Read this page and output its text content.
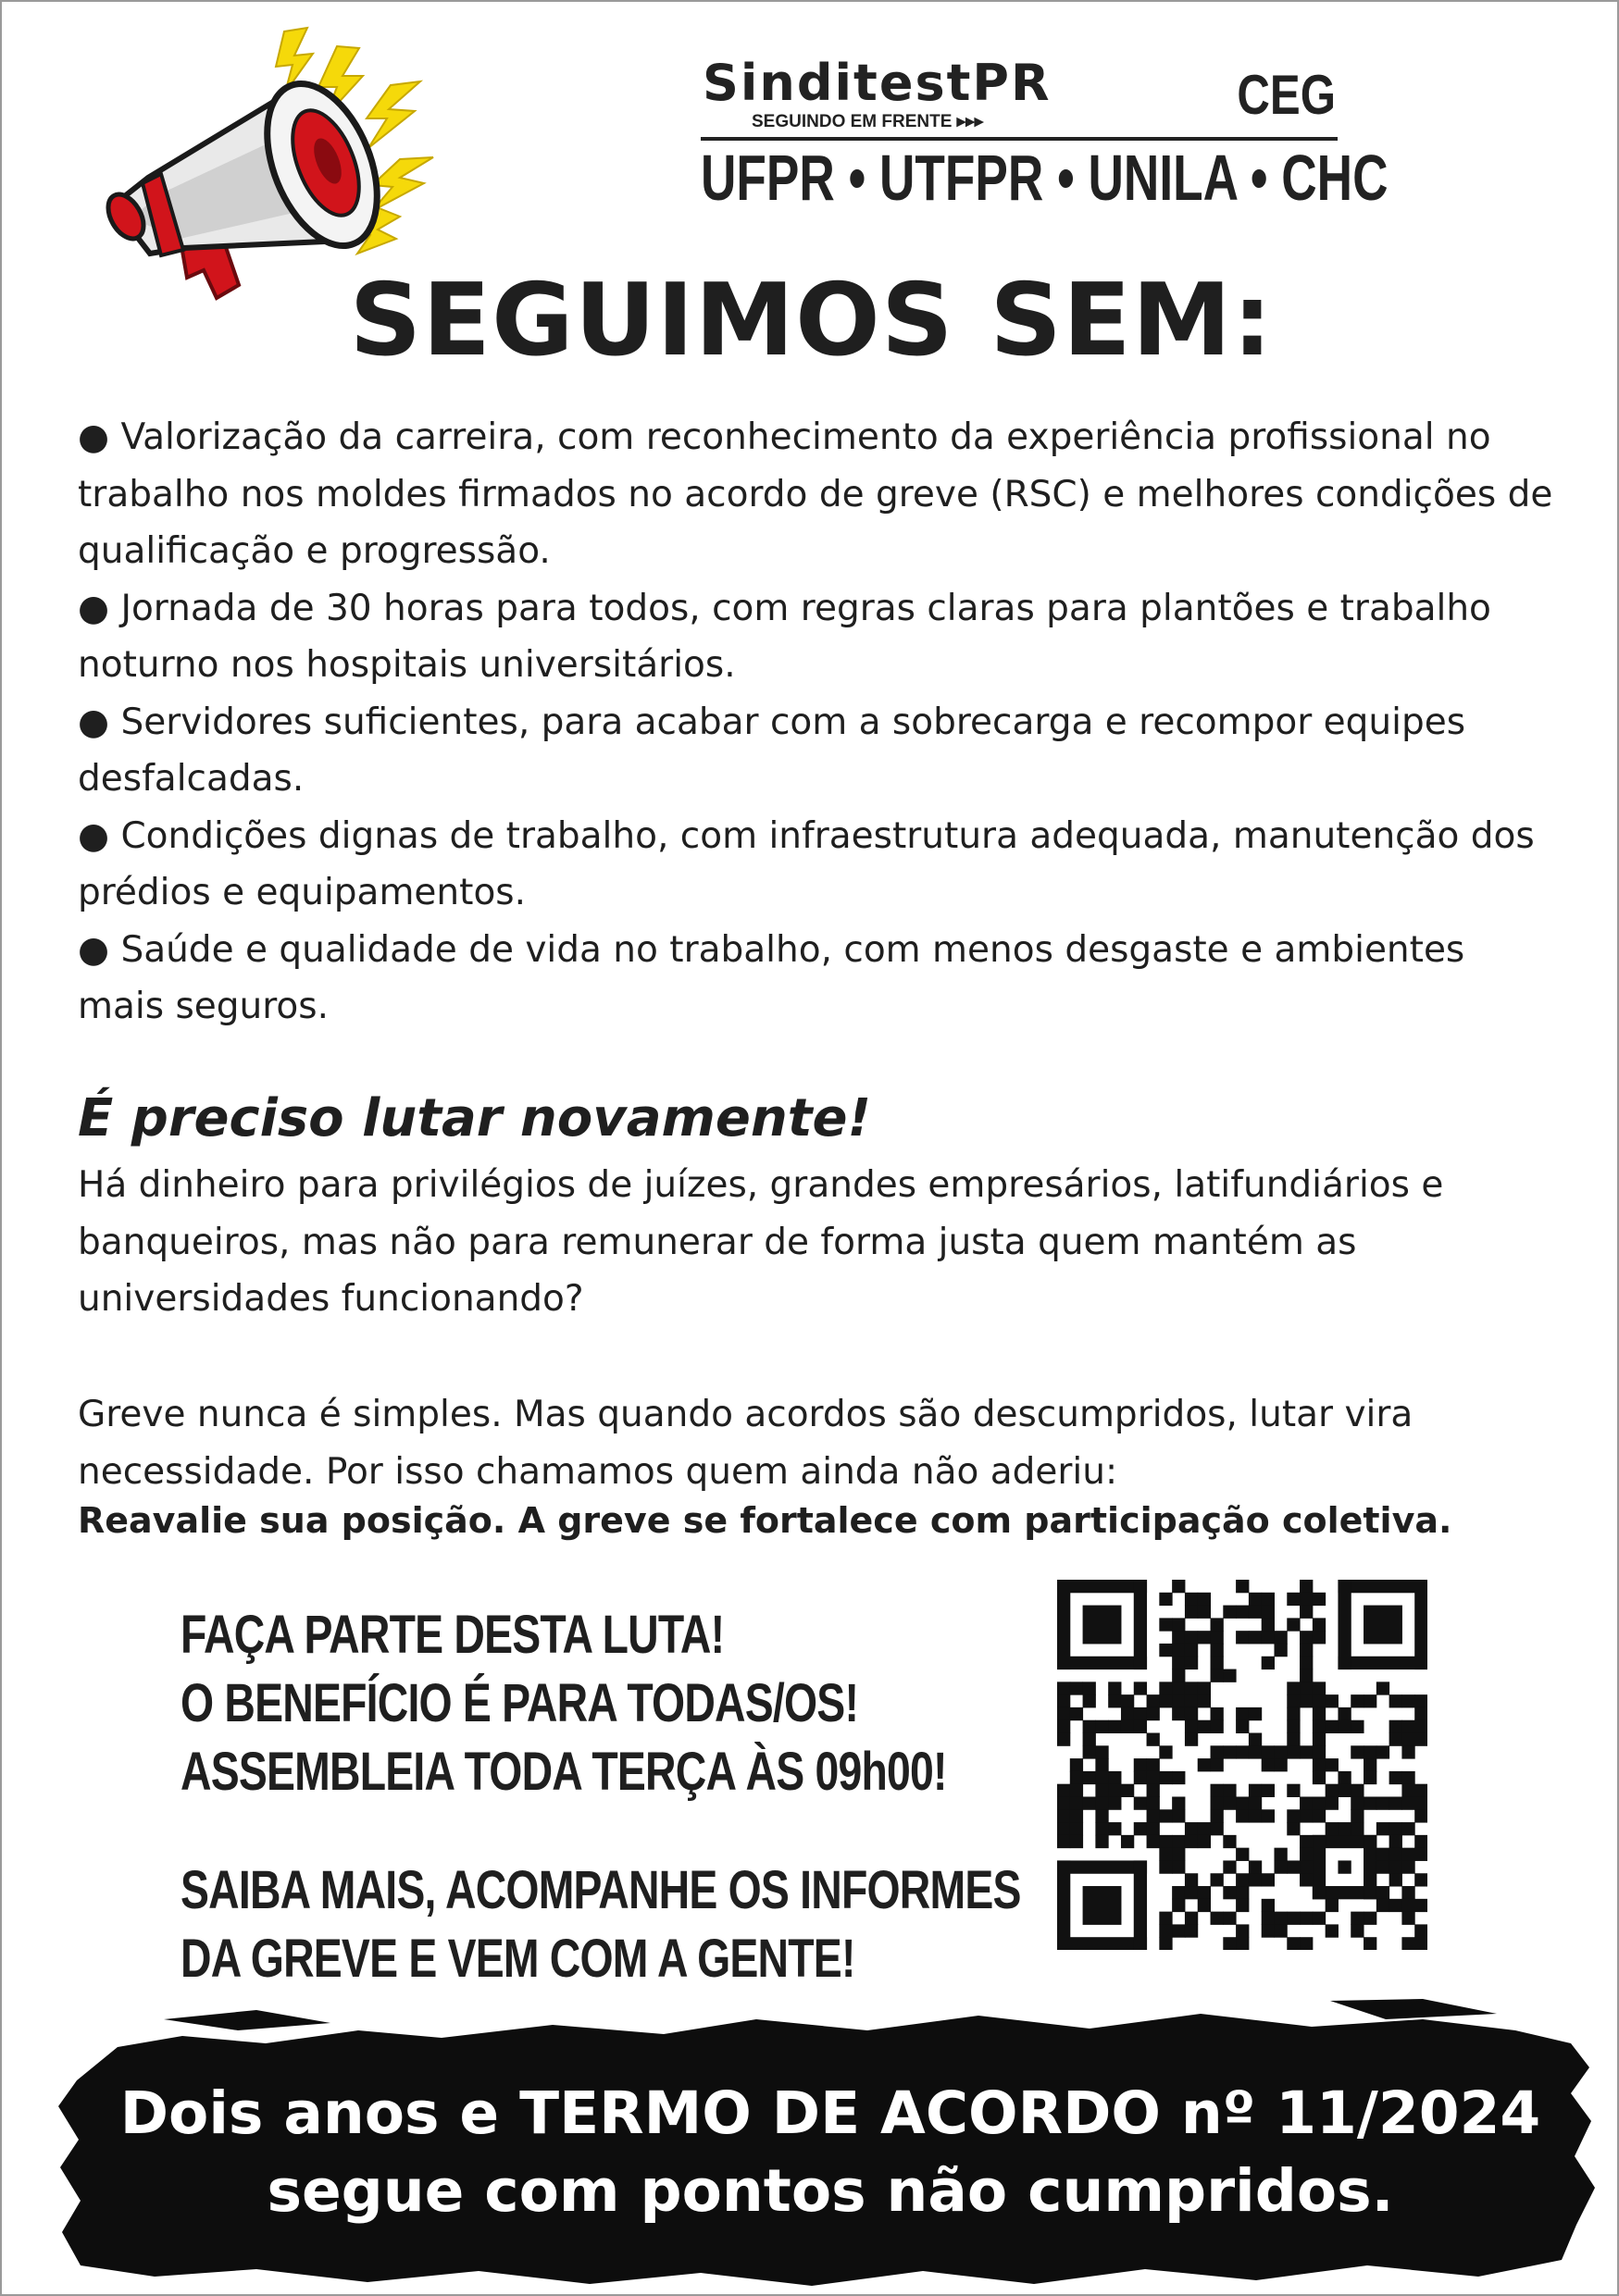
SinditestPR
SEGUINDO EM FRENTE ▸▸▸	CEG
UFPR • UTFPR • UNILA • CHC
SEGUIMOS SEM:
● Valorização da carreira, com reconhecimento da experiência profissional no trabalho nos moldes firmados no acordo de greve (RSC) e melhores condições de qualificação e progressão.
● Jornada de 30 horas para todos, com regras claras para plantões e trabalho noturno nos hospitais universitários.
● Servidores suficientes, para acabar com a sobrecarga e recompor equipes desfalcadas.
● Condições dignas de trabalho, com infraestrutura adequada, manutenção dos prédios e equipamentos.
● Saúde e qualidade de vida no trabalho, com menos desgaste e ambientes mais seguros.
É preciso lutar novamente!

Há dinheiro para privilégios de juízes, grandes empresários, latifundiários e banqueiros, mas não para remunerar de forma justa quem mantém as universidades funcionando?

Greve nunca é simples. Mas quando acordos são descumpridos, lutar vira necessidade. Por isso chamamos quem ainda não aderiu:

Reavalie sua posição. A greve se fortalece com participação coletiva.
FAÇA PARTE DESTA LUTA!
O BENEFÍCIO É PARA TODAS/OS!
ASSEMBLEIA TODA TERÇA ÀS 09h00!
SAIBA MAIS, ACOMPANHE OS INFORMES
DA GREVE E VEM COM A GENTE!
Dois anos e TERMO DE ACORDO nº 11/2024
segue com pontos não cumpridos.
